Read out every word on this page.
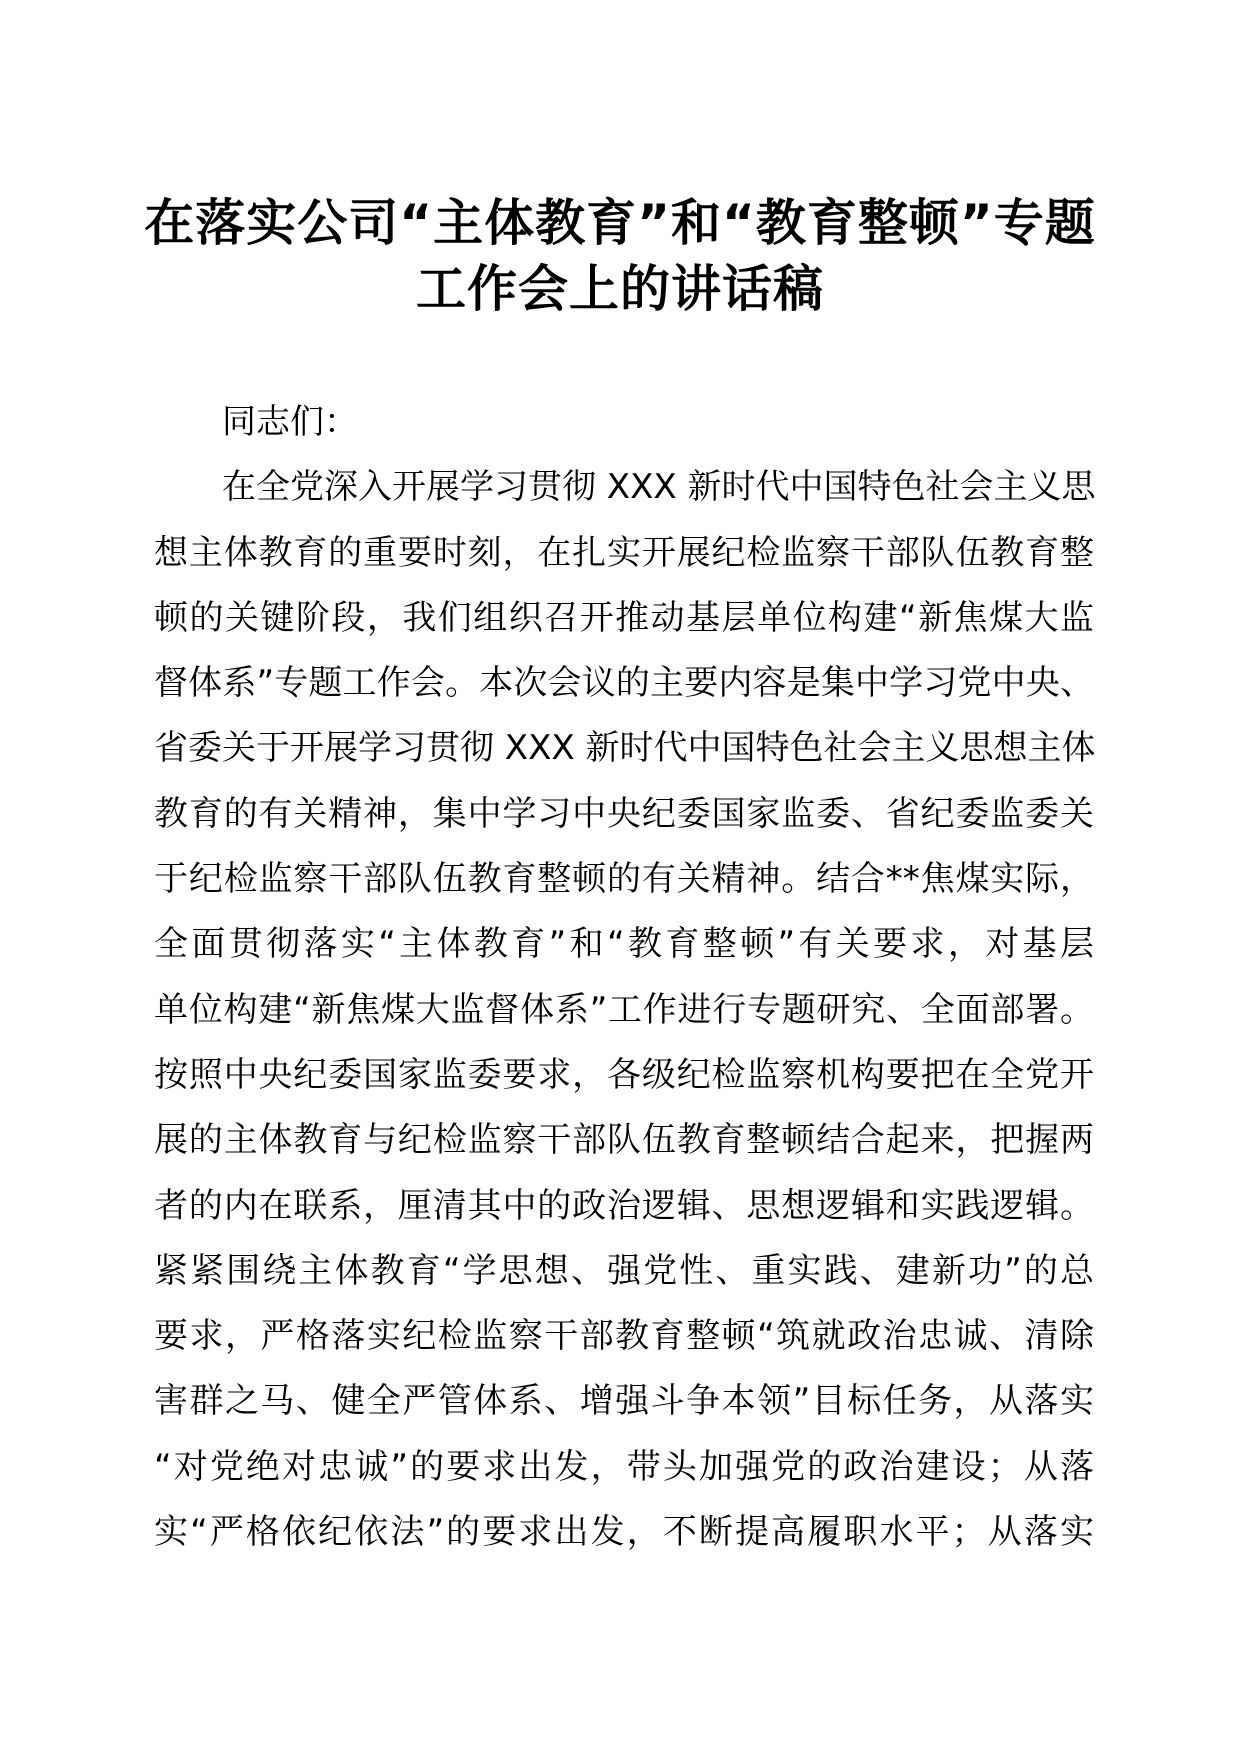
在落实公司“主体教育”和“教育整顿”专题
工作会上的讲话稿
同志们：
在全党深入开展学习贯彻 XXX 新时代中国特色社会主义思
想主体教育的重要时刻，在扎实开展纪检监察干部队伍教育整
顿的关键阶段，我们组织召开推动基层单位构建“新焦煤大监
督体系”专题工作会。本次会议的主要内容是集中学习党中央、
省委关于开展学习贯彻 XXX 新时代中国特色社会主义思想主体
教育的有关精神，集中学习中央纪委国家监委、省纪委监委关
于纪检监察干部队伍教育整顿的有关精神。结合**焦煤实际，
全面贯彻落实“主体教育”和“教育整顿”有关要求，对基层
单位构建“新焦煤大监督体系”工作进行专题研究、全面部署。
按照中央纪委国家监委要求，各级纪检监察机构要把在全党开
展的主体教育与纪检监察干部队伍教育整顿结合起来，把握两
者的内在联系，厘清其中的政治逻辑、思想逻辑和实践逻辑。
紧紧围绕主体教育“学思想、强党性、重实践、建新功”的总
要求，严格落实纪检监察干部教育整顿“筑就政治忠诚、清除
害群之马、健全严管体系、增强斗争本领”目标任务，从落实
“对党绝对忠诚”的要求出发，带头加强党的政治建设；从落
实“严格依纪依法”的要求出发，不断提高履职水平；从落实
